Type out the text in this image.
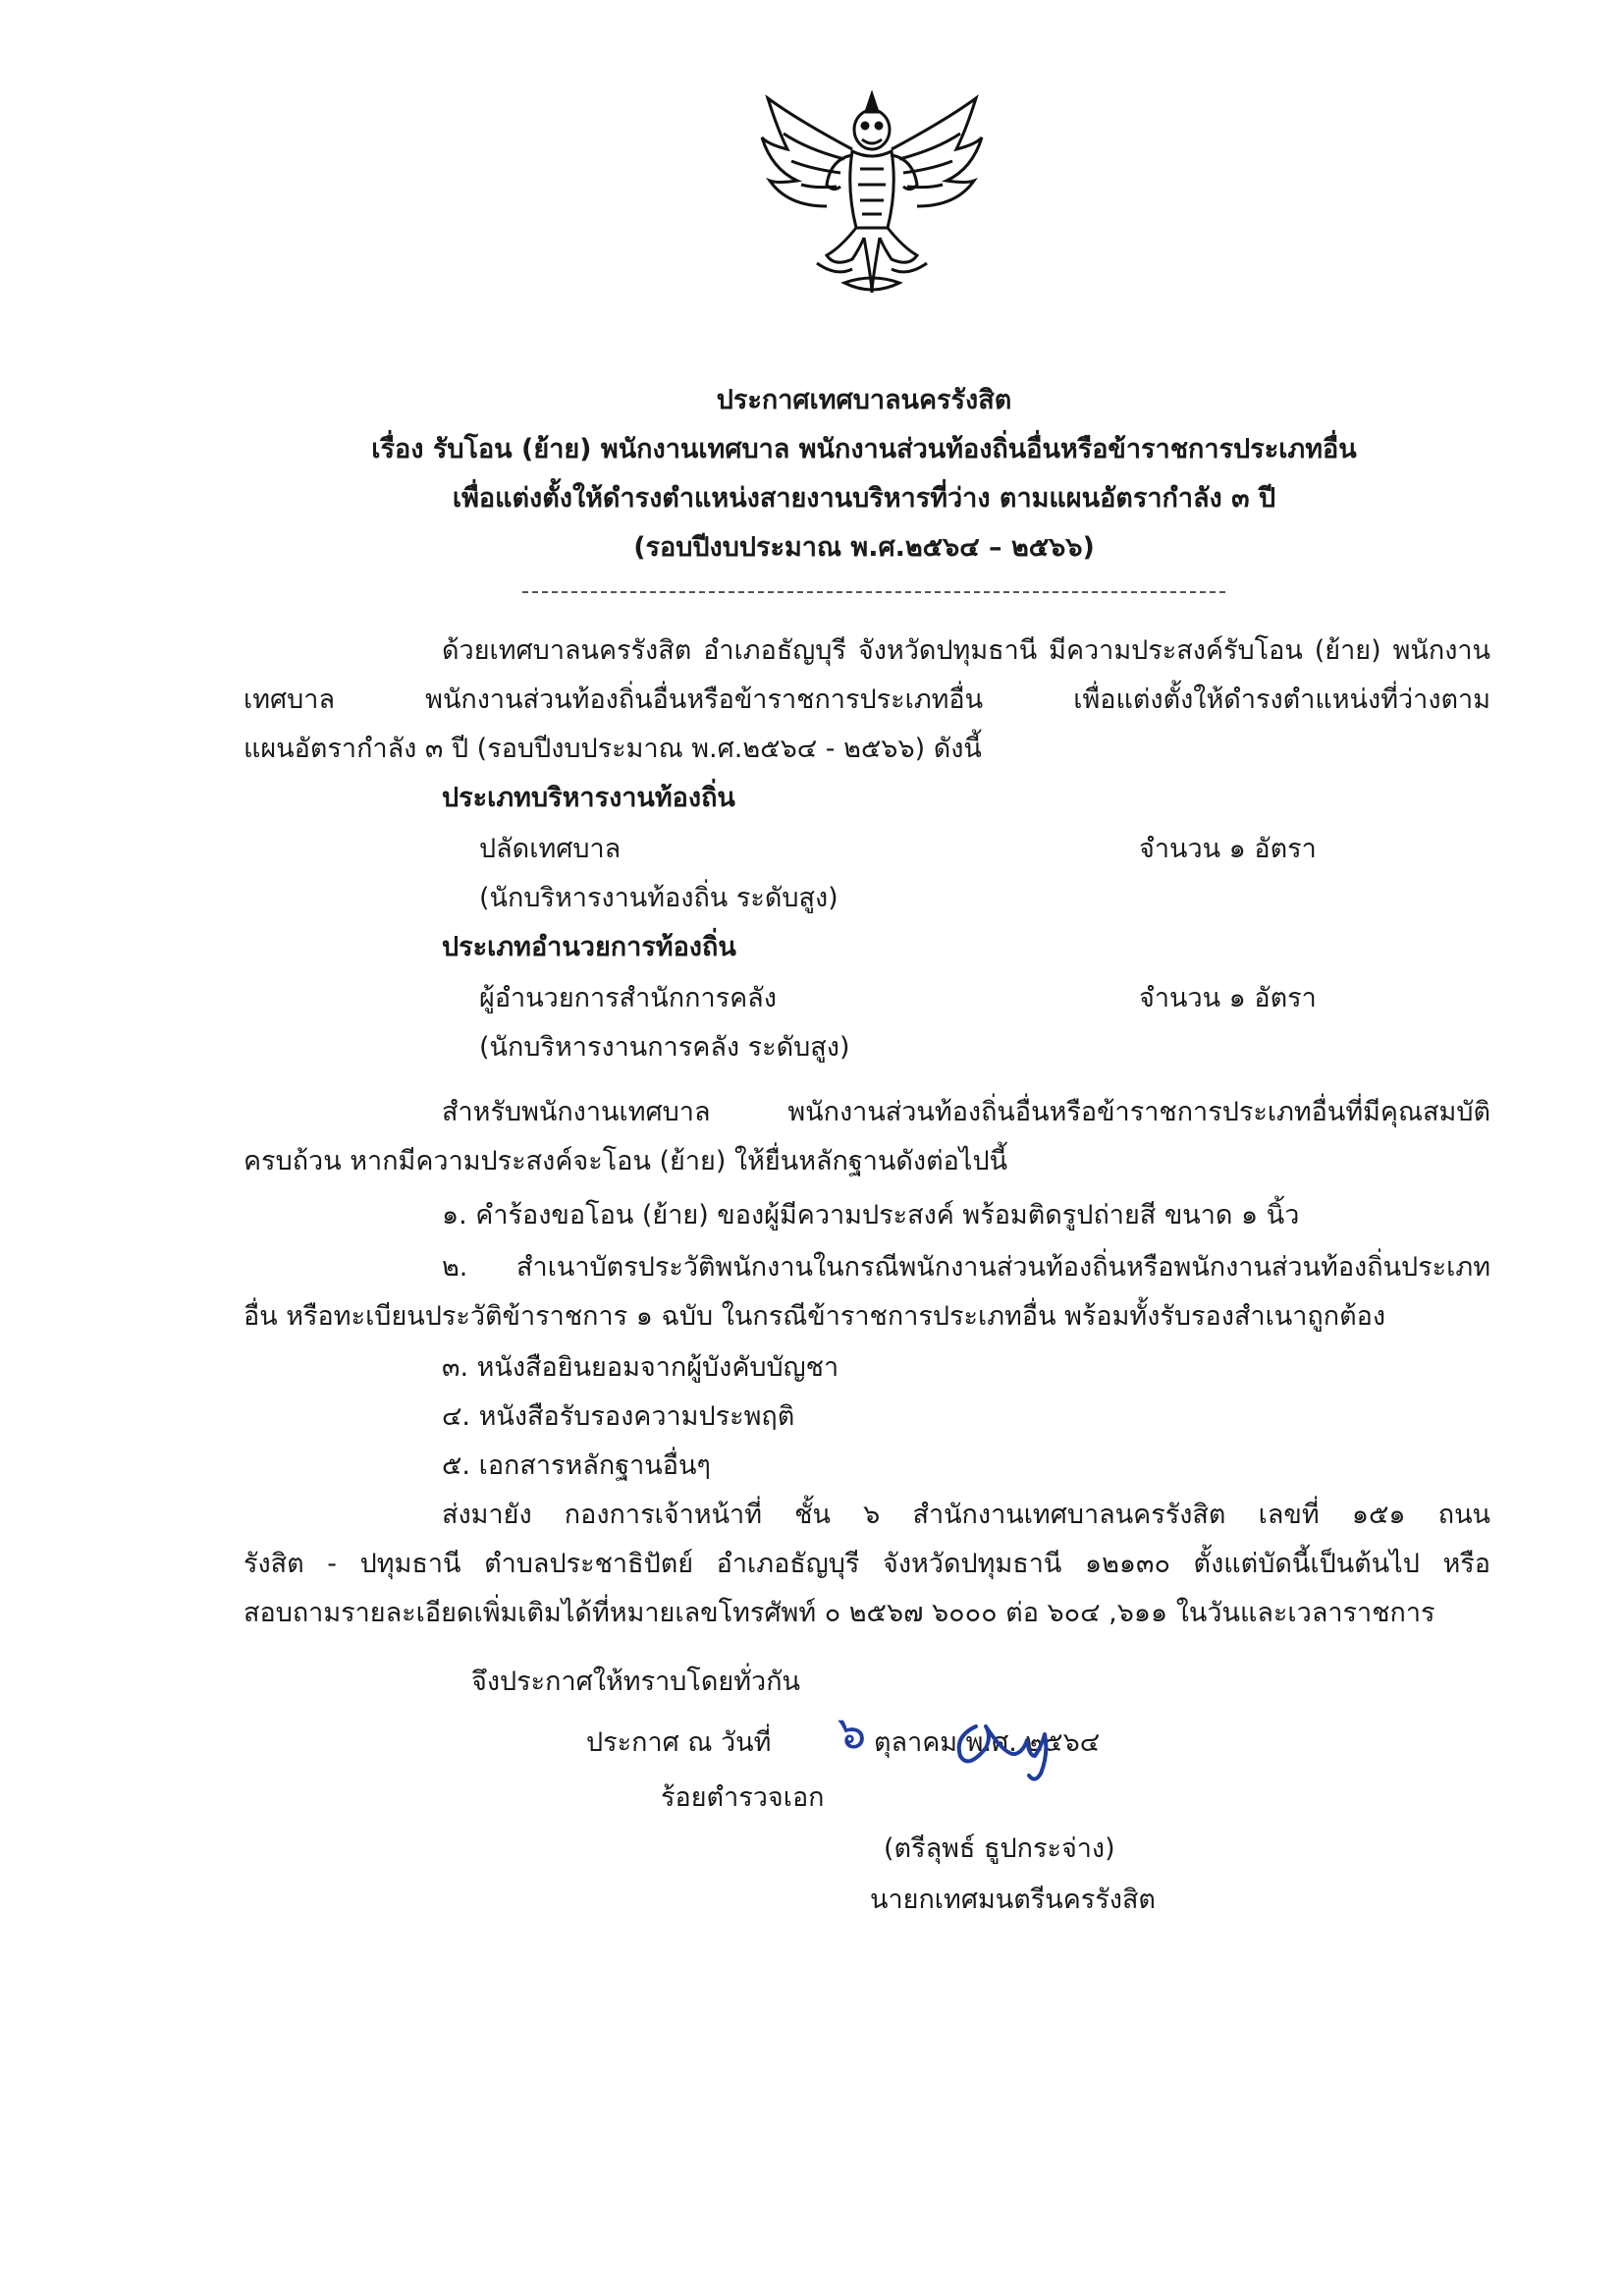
ประกาศเทศบาลนครรังสิต
เรื่อง รับโอน (ย้าย) พนักงานเทศบาล พนักงานส่วนท้องถิ่นอื่นหรือข้าราชการประเภทอื่น
เพื่อแต่งตั้งให้ดำรงตำแหน่งสายงานบริหารที่ว่าง ตามแผนอัตรากำลัง ๓ ปี
(รอบปีงบประมาณ พ.ศ.๒๕๖๔ – ๒๕๖๖)
ด้วยเทศบาลนครรังสิต อำเภอธัญบุรี จังหวัดปทุมธานี มีความประสงค์รับโอน (ย้าย) พนักงาน
เทศบาล พนักงานส่วนท้องถิ่นอื่นหรือข้าราชการประเภทอื่น เพื่อแต่งตั้งให้ดำรงตำแหน่งที่ว่างตาม
แผนอัตรากำลัง ๓ ปี (รอบปีงบประมาณ พ.ศ.๒๕๖๔ - ๒๕๖๖) ดังนี้
ประเภทบริหารงานท้องถิ่น
ปลัดเทศบาล	จำนวน ๑ อัตรา
(นักบริหารงานท้องถิ่น ระดับสูง)
ประเภทอำนวยการท้องถิ่น
ผู้อำนวยการสำนักการคลัง	จำนวน ๑ อัตรา
(นักบริหารงานการคลัง ระดับสูง)
สำหรับพนักงานเทศบาล พนักงานส่วนท้องถิ่นอื่นหรือข้าราชการประเภทอื่นที่มีคุณสมบัติ
ครบถ้วน หากมีความประสงค์จะโอน (ย้าย) ให้ยื่นหลักฐานดังต่อไปนี้
๑. คำร้องขอโอน (ย้าย) ของผู้มีความประสงค์ พร้อมติดรูปถ่ายสี ขนาด ๑ นิ้ว
๒. สำเนาบัตรประวัติพนักงานในกรณีพนักงานส่วนท้องถิ่นหรือพนักงานส่วนท้องถิ่นประเภท
อื่น หรือทะเบียนประวัติข้าราชการ ๑ ฉบับ ในกรณีข้าราชการประเภทอื่น พร้อมทั้งรับรองสำเนาถูกต้อง
๓. หนังสือยินยอมจากผู้บังคับบัญชา
๔. หนังสือรับรองความประพฤติ
๕. เอกสารหลักฐานอื่นๆ
ส่งมายัง กองการเจ้าหน้าที่ ชั้น ๖ สำนักงานเทศบาลนครรังสิต เลขที่ ๑๕๑ ถนน
รังสิต - ปทุมธานี ตำบลประชาธิปัตย์ อำเภอธัญบุรี จังหวัดปทุมธานี ๑๒๑๓๐ ตั้งแต่บัดนี้เป็นต้นไป หรือ
สอบถามรายละเอียดเพิ่มเติมได้ที่หมายเลขโทรศัพท์ ๐ ๒๕๖๗ ๖๐๐๐ ต่อ ๖๐๔ ,๖๑๑ ในวันและเวลาราชการ
จึงประกาศให้ทราบโดยทั่วกัน
ประกาศ ณ วันที่ ๖ ตุลาคม พ.ศ. ๒๕๖๔
ร้อยตำรวจเอก
(ตรีลุพธ์ ธูปกระจ่าง)
นายกเทศมนตรีนครรังสิต
